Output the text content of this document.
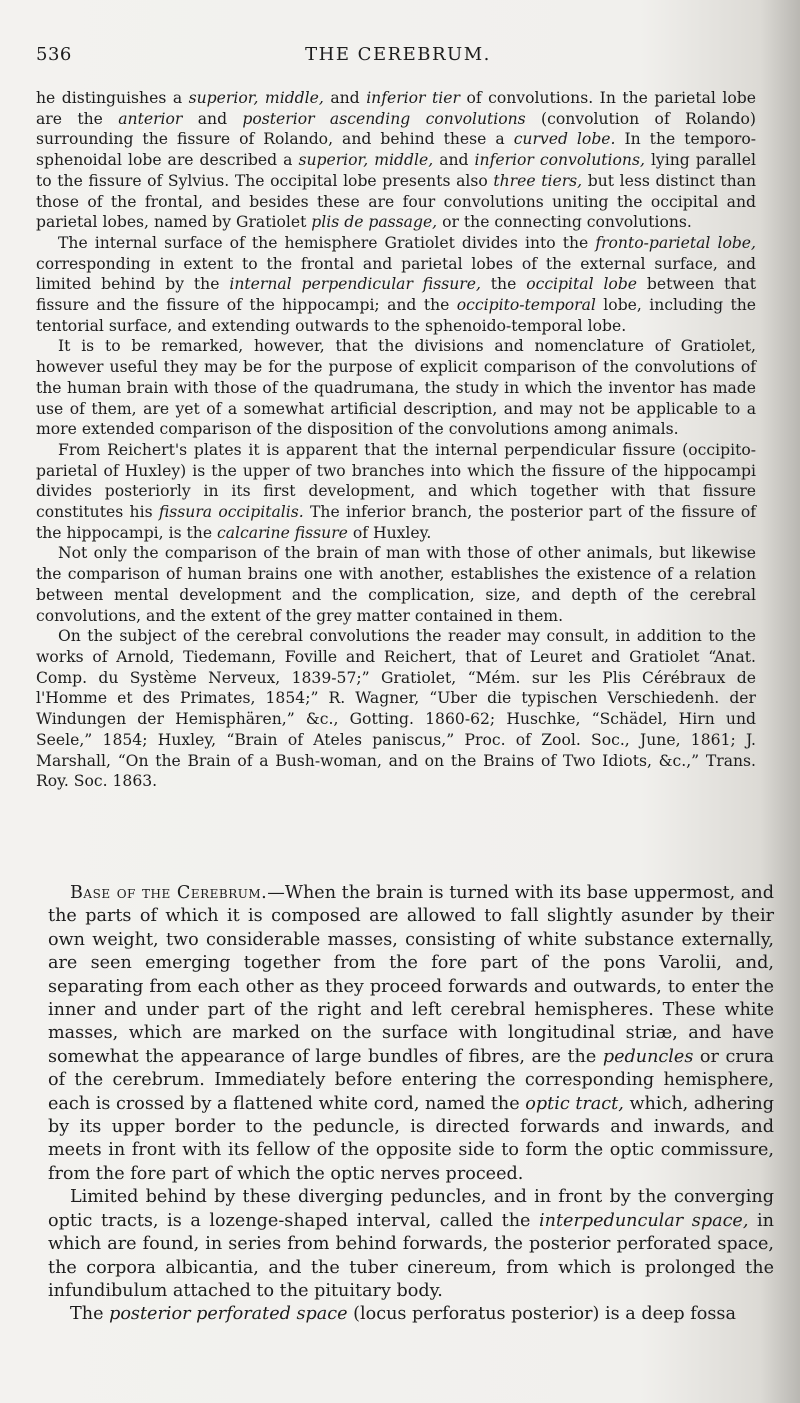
536	THE CEREBRUM.

he distinguishes a superior, middle, and inferior tier of convolutions. In the parietal lobe are the anterior and posterior ascending convolutions (convolution of Rolando) surrounding the fissure of Rolando, and behind these a curved lobe. In the temporo-sphenoidal lobe are described a superior, middle, and inferior convolutions, lying parallel to the fissure of Sylvius. The occipital lobe presents also three tiers, but less distinct than those of the frontal, and besides these are four convolutions uniting the occipital and parietal lobes, named by Gratiolet plis de passage, or the connecting convolutions.

The internal surface of the hemisphere Gratiolet divides into the fronto-parietal lobe, corresponding in extent to the frontal and parietal lobes of the external surface, and limited behind by the internal perpendicular fissure, the occipital lobe between that fissure and the fissure of the hippocampi; and the occipito-temporal lobe, including the tentorial surface, and extending outwards to the sphenoido-temporal lobe.

It is to be remarked, however, that the divisions and nomenclature of Gratiolet, however useful they may be for the purpose of explicit comparison of the convolutions of the human brain with those of the quadrumana, the study in which the inventor has made use of them, are yet of a somewhat artificial description, and may not be applicable to a more extended comparison of the disposition of the convolutions among animals.

From Reichert's plates it is apparent that the internal perpendicular fissure (occipito-parietal of Huxley) is the upper of two branches into which the fissure of the hippocampi divides posteriorly in its first development, and which together with that fissure constitutes his fissura occipitalis. The inferior branch, the posterior part of the fissure of the hippocampi, is the calcarine fissure of Huxley.

Not only the comparison of the brain of man with those of other animals, but likewise the comparison of human brains one with another, establishes the existence of a relation between mental development and the complication, size, and depth of the cerebral convolutions, and the extent of the grey matter contained in them.

On the subject of the cerebral convolutions the reader may consult, in addition to the works of Arnold, Tiedemann, Foville and Reichert, that of Leuret and Gratiolet “Anat. Comp. du Système Nerveux, 1839-57;” Gratiolet, “Mém. sur les Plis Cérébraux de l'Homme et des Primates, 1854;” R. Wagner, “Uber die typischen Verschiedenh. der Windungen der Hemisphären,” &c., Gotting. 1860-62; Huschke, “Schädel, Hirn und Seele,” 1854; Huxley, “Brain of Ateles paniscus,” Proc. of Zool. Soc., June, 1861; J. Marshall, “On the Brain of a Bush-woman, and on the Brains of Two Idiots, &c.,” Trans. Roy. Soc. 1863.

Base of the Cerebrum.—When the brain is turned with its base uppermost, and the parts of which it is composed are allowed to fall slightly asunder by their own weight, two considerable masses, consisting of white substance externally, are seen emerging together from the fore part of the pons Varolii, and, separating from each other as they proceed forwards and outwards, to enter the inner and under part of the right and left cerebral hemispheres. These white masses, which are marked on the surface with longitudinal striæ, and have somewhat the appearance of large bundles of fibres, are the peduncles or crura of the cerebrum. Immediately before entering the corresponding hemisphere, each is crossed by a flattened white cord, named the optic tract, which, adhering by its upper border to the peduncle, is directed forwards and inwards, and meets in front with its fellow of the opposite side to form the optic commissure, from the fore part of which the optic nerves proceed.

Limited behind by these diverging peduncles, and in front by the converging optic tracts, is a lozenge-shaped interval, called the interpeduncular space, in which are found, in series from behind forwards, the posterior perforated space, the corpora albicantia, and the tuber cinereum, from which is prolonged the infundibulum attached to the pituitary body.

The posterior perforated space (locus perforatus posterior) is a deep fossa
